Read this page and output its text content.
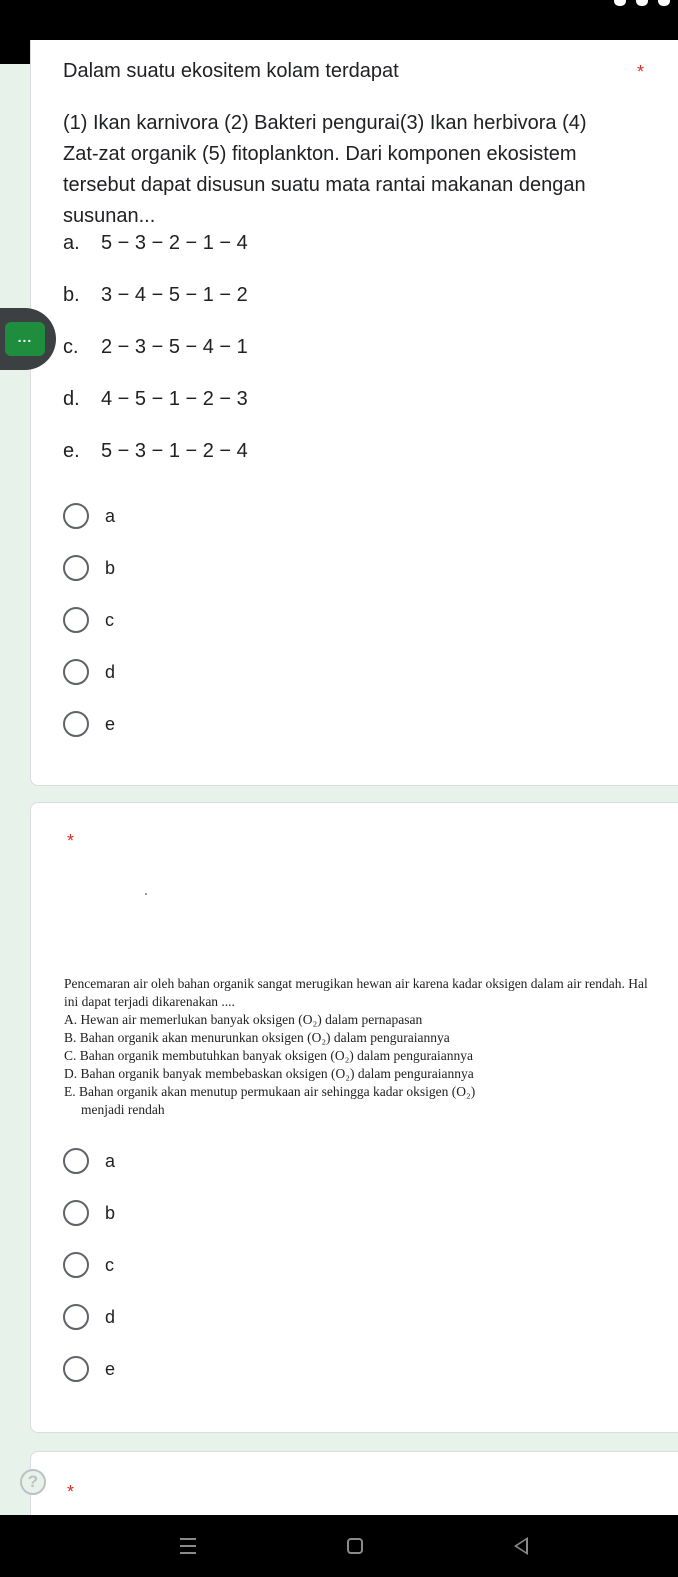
Dalam suatu ekositem kolam terdapat	*
(1) Ikan karnivora (2) Bakteri pengurai(3) Ikan herbivora (4) Zat-zat organik (5) fitoplankton. Dari komponen ekosistem tersebut dapat disusun suatu mata rantai makanan dengan susunan...
a. 5 − 3 − 2 − 1 − 4
b. 3 − 4 − 5 − 1 − 2
c. 2 − 3 − 5 − 4 − 1
d. 4 − 5 − 1 − 2 − 3
e. 5 − 3 − 1 − 2 − 4
a
b
c
d
e
...
*
Pencemaran air oleh bahan organik sangat merugikan hewan air karena kadar oksigen dalam air rendah. Hal ini dapat terjadi dikarenakan ....
A. Hewan air memerlukan banyak oksigen (O₂) dalam pernapasan
B. Bahan organik akan menurunkan oksigen (O₂) dalam penguraiannya
C. Bahan organik membutuhkan banyak oksigen (O₂) dalam penguraiannya
D. Bahan organik banyak membebaskan oksigen (O₂) dalam penguraiannya
E. Bahan organik akan menutup permukaan air sehingga kadar oksigen (O₂)
menjadi rendah
a
b
c
d
e
*
?
